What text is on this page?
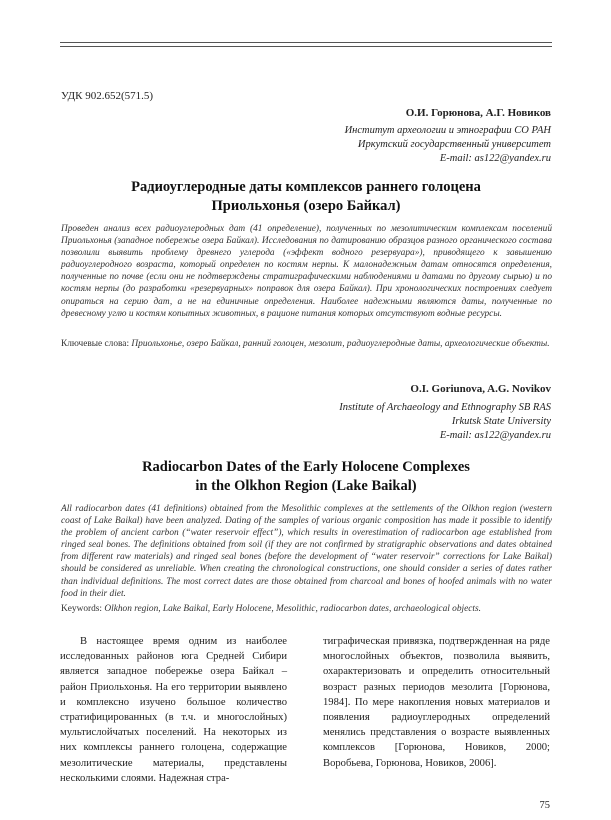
УДК 902.652(571.5)
О.И. Горюнова, А.Г. Новиков
Институт археологии и этнографии СО РАН
Иркутский государственный университет
E-mail: as122@yandex.ru
Радиоуглеродные даты комплексов раннего голоцена
Приольхонья (озеро Байкал)
Проведен анализ всех радиоуглеродных дат (41 определение), полученных по мезолитическим комплексам поселений Приольхонья (западное побережье озера Байкал). Исследования по датированию образцов разного органического состава позволили выявить проблему древнего углерода («эффект водного резервуара»), приводящего к завышению радиоуглеродного возраста, который определен по костям нерпы. К малонадежным датам относятся определения, полученные по почве (если они не подтверждены стратиграфическими наблюдениями и датами по другому сырью) и по костям нерпы (до разработки «резервуарных» поправок для озера Байкал). При хронологических построениях следует опираться на серию дат, а не на единичные определения. Наиболее надежными являются даты, полученные по древесному углю и костям копытных животных, в рационе питания которых отсутствуют водные ресурсы.
Ключевые слова: Приольхонье, озеро Байкал, ранний голоцен, мезолит, радиоуглеродные даты, археологические объекты.
O.I. Goriunova, A.G. Novikov
Institute of Archaeology and Ethnography SB RAS
Irkutsk State University
E-mail: as122@yandex.ru
Radiocarbon Dates of the Early Holocene Complexes
in the Olkhon Region (Lake Baikal)
All radiocarbon dates (41 definitions) obtained from the Mesolithic complexes at the settlements of the Olkhon region (western coast of Lake Baikal) have been analyzed. Dating of the samples of various organic composition has made it possible to identify the problem of ancient carbon (“water reservoir effect”), which results in overestimation of radiocarbon age established from ringed seal bones. The definitions obtained from soil (if they are not confirmed by stratigraphic observations and dates obtained from different raw materials) and ringed seal bones (before the development of “water reservoir” corrections for Lake Baikal) should be considered as unreliable. When creating the chronological constructions, one should consider a series of dates rather than individual definitions. The most correct dates are those obtained from charcoal and bones of hoofed animals with no water food in their diet.
Keywords: Olkhon region, Lake Baikal, Early Holocene, Mesolithic, radiocarbon dates, archaeological objects.
В настоящее время одним из наиболее исследованных районов юга Средней Сибири является западное побережье озера Байкал – район Приольхонья. На его территории выявлено и комплексно изучено большое количество стратифицированных (в т.ч. и многослойных) мультислойчатых поселений. На некоторых из них комплексы раннего голоцена, содержащие мезолитические материалы, представлены несколькими слоями. Надежная стра-
тиграфическая привязка, подтвержденная на ряде многослойных объектов, позволила выявить, охарактеризовать и определить относительный возраст разных периодов мезолита [Горюнова, 1984]. По мере накопления новых материалов и появления радиоуглеродных определений менялись представления о возрасте выявленных комплексов [Горюнова, Новиков, 2000; Воробьева, Горюнова, Новиков, 2006].
75
